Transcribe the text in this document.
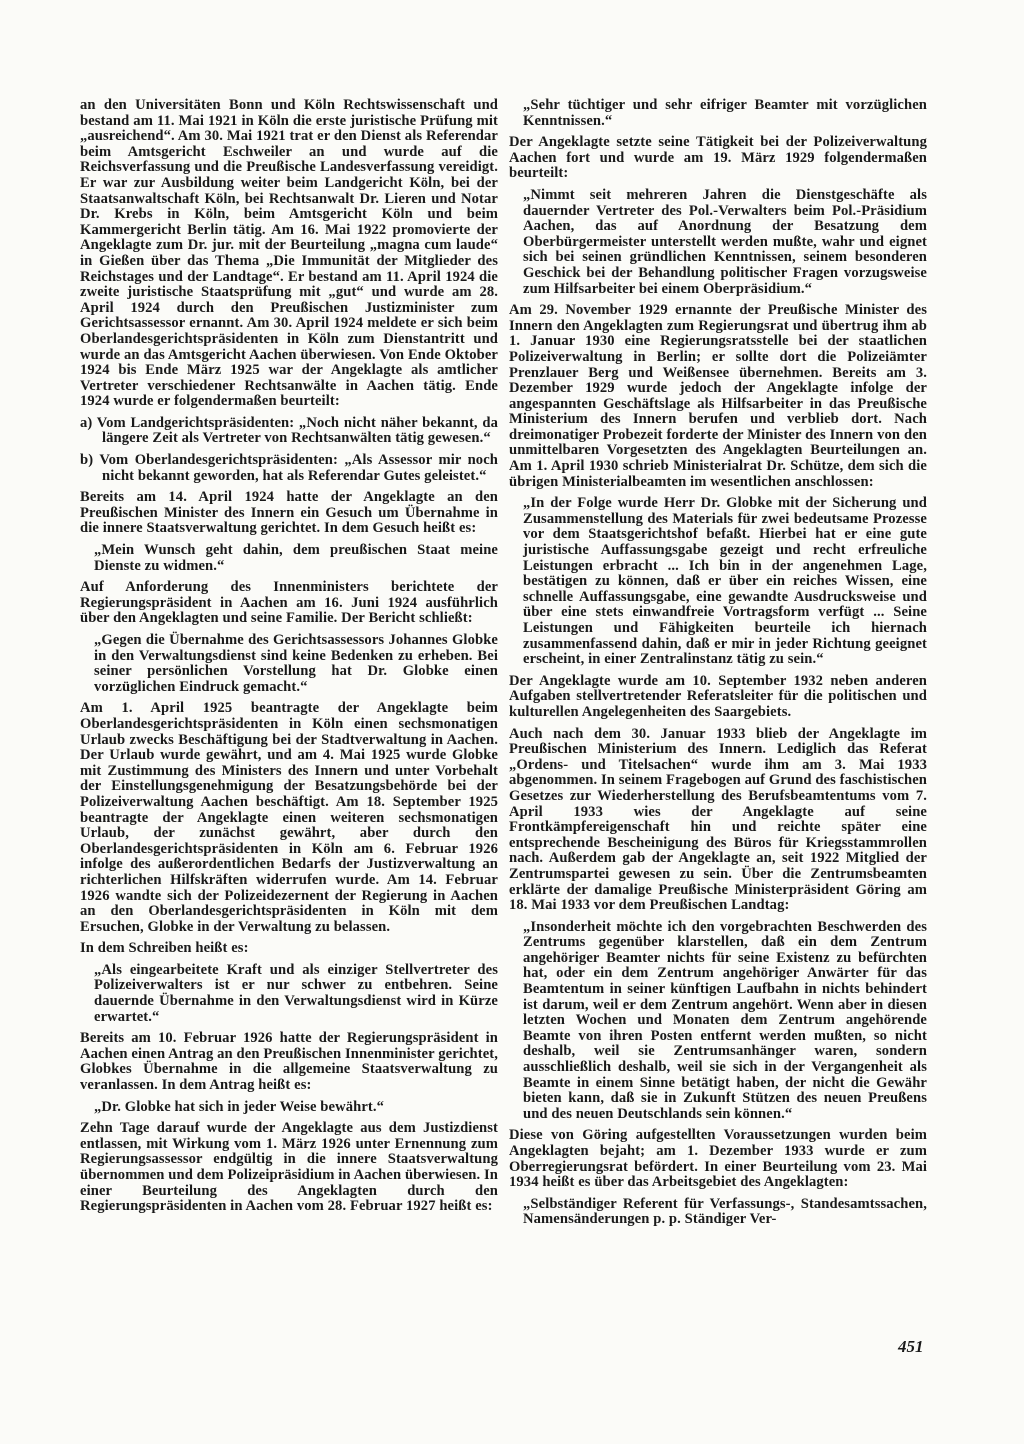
an den Universitäten Bonn und Köln Rechtswissenschaft und bestand am 11. Mai 1921 in Köln die erste juristische Prüfung mit „ausreichend“. Am 30. Mai 1921 trat er den Dienst als Referendar beim Amtsgericht Eschweiler an und wurde auf die Reichsverfassung und die Preußische Landesverfassung vereidigt. Er war zur Ausbildung weiter beim Landgericht Köln, bei der Staatsanwaltschaft Köln, bei Rechtsanwalt Dr. Lieren und Notar Dr. Krebs in Köln, beim Amtsgericht Köln und beim Kammergericht Berlin tätig. Am 16. Mai 1922 promovierte der Angeklagte zum Dr. jur. mit der Beurteilung „magna cum laude“ in Gießen über das Thema „Die Immunität der Mitglieder des Reichstages und der Landtage“. Er bestand am 11. April 1924 die zweite juristische Staatsprüfung mit „gut“ und wurde am 28. April 1924 durch den Preußischen Justizminister zum Gerichtsassessor ernannt. Am 30. April 1924 meldete er sich beim Oberlandesgerichtspräsidenten in Köln zum Dienstantritt und wurde an das Amtsgericht Aachen überwiesen. Von Ende Oktober 1924 bis Ende März 1925 war der Angeklagte als amtlicher Vertreter verschiedener Rechtsanwälte in Aachen tätig. Ende 1924 wurde er folgendermaßen beurteilt:

a) Vom Landgerichtspräsidenten: „Noch nicht näher bekannt, da längere Zeit als Vertreter von Rechtsanwälten tätig gewesen.“

b) Vom Oberlandesgerichtspräsidenten: „Als Assessor mir noch nicht bekannt geworden, hat als Referendar Gutes geleistet.“

Bereits am 14. April 1924 hatte der Angeklagte an den Preußischen Minister des Innern ein Gesuch um Übernahme in die innere Staatsverwaltung gerichtet. In dem Gesuch heißt es:

„Mein Wunsch geht dahin, dem preußischen Staat meine Dienste zu widmen.“

Auf Anforderung des Innenministers berichtete der Regierungspräsident in Aachen am 16. Juni 1924 ausführlich über den Angeklagten und seine Familie. Der Bericht schließt:

„Gegen die Übernahme des Gerichtsassessors Johannes Globke in den Verwaltungsdienst sind keine Bedenken zu erheben. Bei seiner persönlichen Vorstellung hat Dr. Globke einen vorzüglichen Eindruck gemacht.“

Am 1. April 1925 beantragte der Angeklagte beim Oberlandesgerichtspräsidenten in Köln einen sechsmonatigen Urlaub zwecks Beschäftigung bei der Stadtverwaltung in Aachen. Der Urlaub wurde gewährt, und am 4. Mai 1925 wurde Globke mit Zustimmung des Ministers des Innern und unter Vorbehalt der Einstellungsgenehmigung der Besatzungsbehörde bei der Polizeiverwaltung Aachen beschäftigt. Am 18. September 1925 beantragte der Angeklagte einen weiteren sechsmonatigen Urlaub, der zunächst gewährt, aber durch den Oberlandesgerichtspräsidenten in Köln am 6. Februar 1926 infolge des außerordentlichen Bedarfs der Justizverwaltung an richterlichen Hilfskräften widerrufen wurde. Am 14. Februar 1926 wandte sich der Polizeidezernent der Regierung in Aachen an den Oberlandesgerichtspräsidenten in Köln mit dem Ersuchen, Globke in der Verwaltung zu belassen.

In dem Schreiben heißt es:

„Als eingearbeitete Kraft und als einziger Stellvertreter des Polizeiverwalters ist er nur schwer zu entbehren. Seine dauernde Übernahme in den Verwaltungsdienst wird in Kürze erwartet.“

Bereits am 10. Februar 1926 hatte der Regierungspräsident in Aachen einen Antrag an den Preußischen Innenminister gerichtet, Globkes Übernahme in die allgemeine Staatsverwaltung zu veranlassen. In dem Antrag heißt es:

„Dr. Globke hat sich in jeder Weise bewährt.“

Zehn Tage darauf wurde der Angeklagte aus dem Justizdienst entlassen, mit Wirkung vom 1. März 1926 unter Ernennung zum Regierungsassessor endgültig in die innere Staatsverwaltung übernommen und dem Polizeipräsidium in Aachen überwiesen. In einer Beurteilung des Angeklagten durch den Regierungspräsidenten in Aachen vom 28. Februar 1927 heißt es:

„Sehr tüchtiger und sehr eifriger Beamter mit vorzüglichen Kenntnissen.“

Der Angeklagte setzte seine Tätigkeit bei der Polizeiverwaltung Aachen fort und wurde am 19. März 1929 folgendermaßen beurteilt:

„Nimmt seit mehreren Jahren die Dienstgeschäfte als dauernder Vertreter des Pol.-Verwalters beim Pol.-Präsidium Aachen, das auf Anordnung der Besatzung dem Oberbürgermeister unterstellt werden mußte, wahr und eignet sich bei seinen gründlichen Kenntnissen, seinem besonderen Geschick bei der Behandlung politischer Fragen vorzugsweise zum Hilfsarbeiter bei einem Oberpräsidium.“

Am 29. November 1929 ernannte der Preußische Minister des Innern den Angeklagten zum Regierungsrat und übertrug ihm ab 1. Januar 1930 eine Regierungsratsstelle bei der staatlichen Polizeiverwaltung in Berlin; er sollte dort die Polizeiämter Prenzlauer Berg und Weißensee übernehmen. Bereits am 3. Dezember 1929 wurde jedoch der Angeklagte infolge der angespannten Geschäftslage als Hilfsarbeiter in das Preußische Ministerium des Innern berufen und verblieb dort. Nach dreimonatiger Probezeit forderte der Minister des Innern von den unmittelbaren Vorgesetzten des Angeklagten Beurteilungen an. Am 1. April 1930 schrieb Ministerialrat Dr. Schütze, dem sich die übrigen Ministerialbeamten im wesentlichen anschlossen:

„In der Folge wurde Herr Dr. Globke mit der Sicherung und Zusammenstellung des Materials für zwei bedeutsame Prozesse vor dem Staatsgerichtshof befaßt. Hierbei hat er eine gute juristische Auffassungsgabe gezeigt und recht erfreuliche Leistungen erbracht ... Ich bin in der angenehmen Lage, bestätigen zu können, daß er über ein reiches Wissen, eine schnelle Auffassungsgabe, eine gewandte Ausdrucksweise und über eine stets einwandfreie Vortragsform verfügt ... Seine Leistungen und Fähigkeiten beurteile ich hiernach zusammenfassend dahin, daß er mir in jeder Richtung geeignet erscheint, in einer Zentralinstanz tätig zu sein.“

Der Angeklagte wurde am 10. September 1932 neben anderen Aufgaben stellvertretender Referatsleiter für die politischen und kulturellen Angelegenheiten des Saargebiets.

Auch nach dem 30. Januar 1933 blieb der Angeklagte im Preußischen Ministerium des Innern. Lediglich das Referat „Ordens- und Titelsachen“ wurde ihm am 3. Mai 1933 abgenommen. In seinem Fragebogen auf Grund des faschistischen Gesetzes zur Wiederherstellung des Berufsbeamtentums vom 7. April 1933 wies der Angeklagte auf seine Frontkämpfereigenschaft hin und reichte später eine entsprechende Bescheinigung des Büros für Kriegsstammrollen nach. Außerdem gab der Angeklagte an, seit 1922 Mitglied der Zentrumspartei gewesen zu sein. Über die Zentrumsbeamten erklärte der damalige Preußische Ministerpräsident Göring am 18. Mai 1933 vor dem Preußischen Landtag:

„Insonderheit möchte ich den vorgebrachten Beschwerden des Zentrums gegenüber klarstellen, daß ein dem Zentrum angehöriger Beamter nichts für seine Existenz zu befürchten hat, oder ein dem Zentrum angehöriger Anwärter für das Beamtentum in seiner künftigen Laufbahn in nichts behindert ist darum, weil er dem Zentrum angehört. Wenn aber in diesen letzten Wochen und Monaten dem Zentrum angehörende Beamte von ihren Posten entfernt werden mußten, so nicht deshalb, weil sie Zentrumsanhänger waren, sondern ausschließlich deshalb, weil sie sich in der Vergangenheit als Beamte in einem Sinne betätigt haben, der nicht die Gewähr bieten kann, daß sie in Zukunft Stützen des neuen Preußens und des neuen Deutschlands sein können.“

Diese von Göring aufgestellten Voraussetzungen wurden beim Angeklagten bejaht; am 1. Dezember 1933 wurde er zum Oberregierungsrat befördert. In einer Beurteilung vom 23. Mai 1934 heißt es über das Arbeitsgebiet des Angeklagten:

„Selbständiger Referent für Verfassungs-, Standesamtssachen, Namensänderungen p. p. Ständiger Ver-

451
